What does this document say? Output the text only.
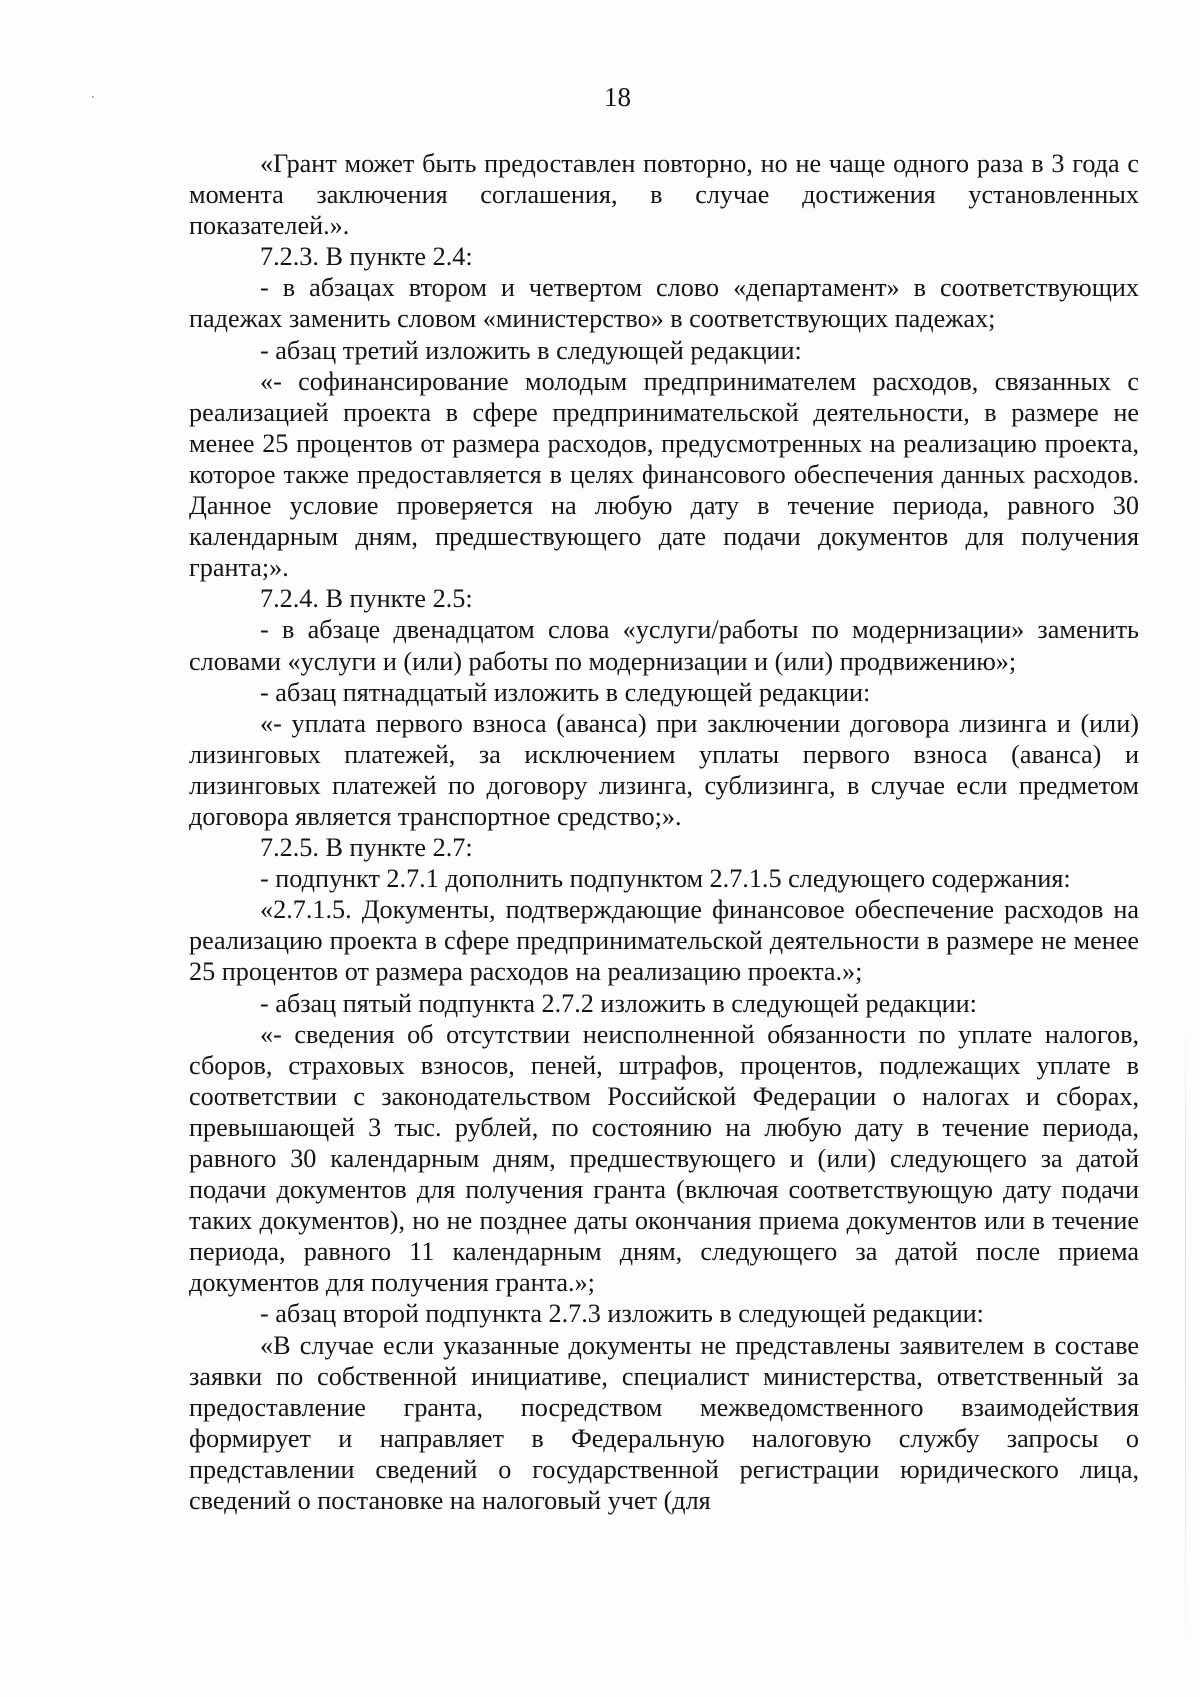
18

«Грант может быть предоставлен повторно, но не чаще одного раза в 3 года с момента заключения соглашения, в случае достижения установленных показателей.».

7.2.3. В пункте 2.4:

- в абзацах втором и четвертом слово «департамент» в соответствующих падежах заменить словом «министерство» в соответствующих падежах;

- абзац третий изложить в следующей редакции:

«- софинансирование молодым предпринимателем расходов, связанных с реализацией проекта в сфере предпринимательской деятельности, в размере не менее 25 процентов от размера расходов, предусмотренных на реализацию проекта, которое также предоставляется в целях финансового обеспечения данных расходов. Данное условие проверяется на любую дату в течение периода, равного 30 календарным дням, предшествующего дате подачи документов для получения гранта;».

7.2.4. В пункте 2.5:

- в абзаце двенадцатом слова «услуги/работы по модернизации» заменить словами «услуги и (или) работы по модернизации и (или) продвижению»;

- абзац пятнадцатый изложить в следующей редакции:

«- уплата первого взноса (аванса) при заключении договора лизинга и (или) лизинговых платежей, за исключением уплаты первого взноса (аванса) и лизинговых платежей по договору лизинга, сублизинга, в случае если предметом договора является транспортное средство;».

7.2.5. В пункте 2.7:

- подпункт 2.7.1 дополнить подпунктом 2.7.1.5 следующего содержания:

«2.7.1.5. Документы, подтверждающие финансовое обеспечение расходов на реализацию проекта в сфере предпринимательской деятельности в размере не менее 25 процентов от размера расходов на реализацию проекта.»;

- абзац пятый подпункта 2.7.2 изложить в следующей редакции:

«- сведения об отсутствии неисполненной обязанности по уплате налогов, сборов, страховых взносов, пеней, штрафов, процентов, подлежащих уплате в соответствии с законодательством Российской Федерации о налогах и сборах, превышающей 3 тыс. рублей, по состоянию на любую дату в течение периода, равного 30 календарным дням, предшествующего и (или) следующего за датой подачи документов для получения гранта (включая соответствующую дату подачи таких документов), но не позднее даты окончания приема документов или в течение периода, равного 11 календарным дням, следующего за датой после приема документов для получения гранта.»;

- абзац второй подпункта 2.7.3 изложить в следующей редакции:

«В случае если указанные документы не представлены заявителем в составе заявки по собственной инициативе, специалист министерства, ответственный за предоставление гранта, посредством межведомственного взаимодействия формирует и направляет в Федеральную налоговую службу запросы о представлении сведений о государственной регистрации юридического лица, сведений о постановке на налоговый учет (для
